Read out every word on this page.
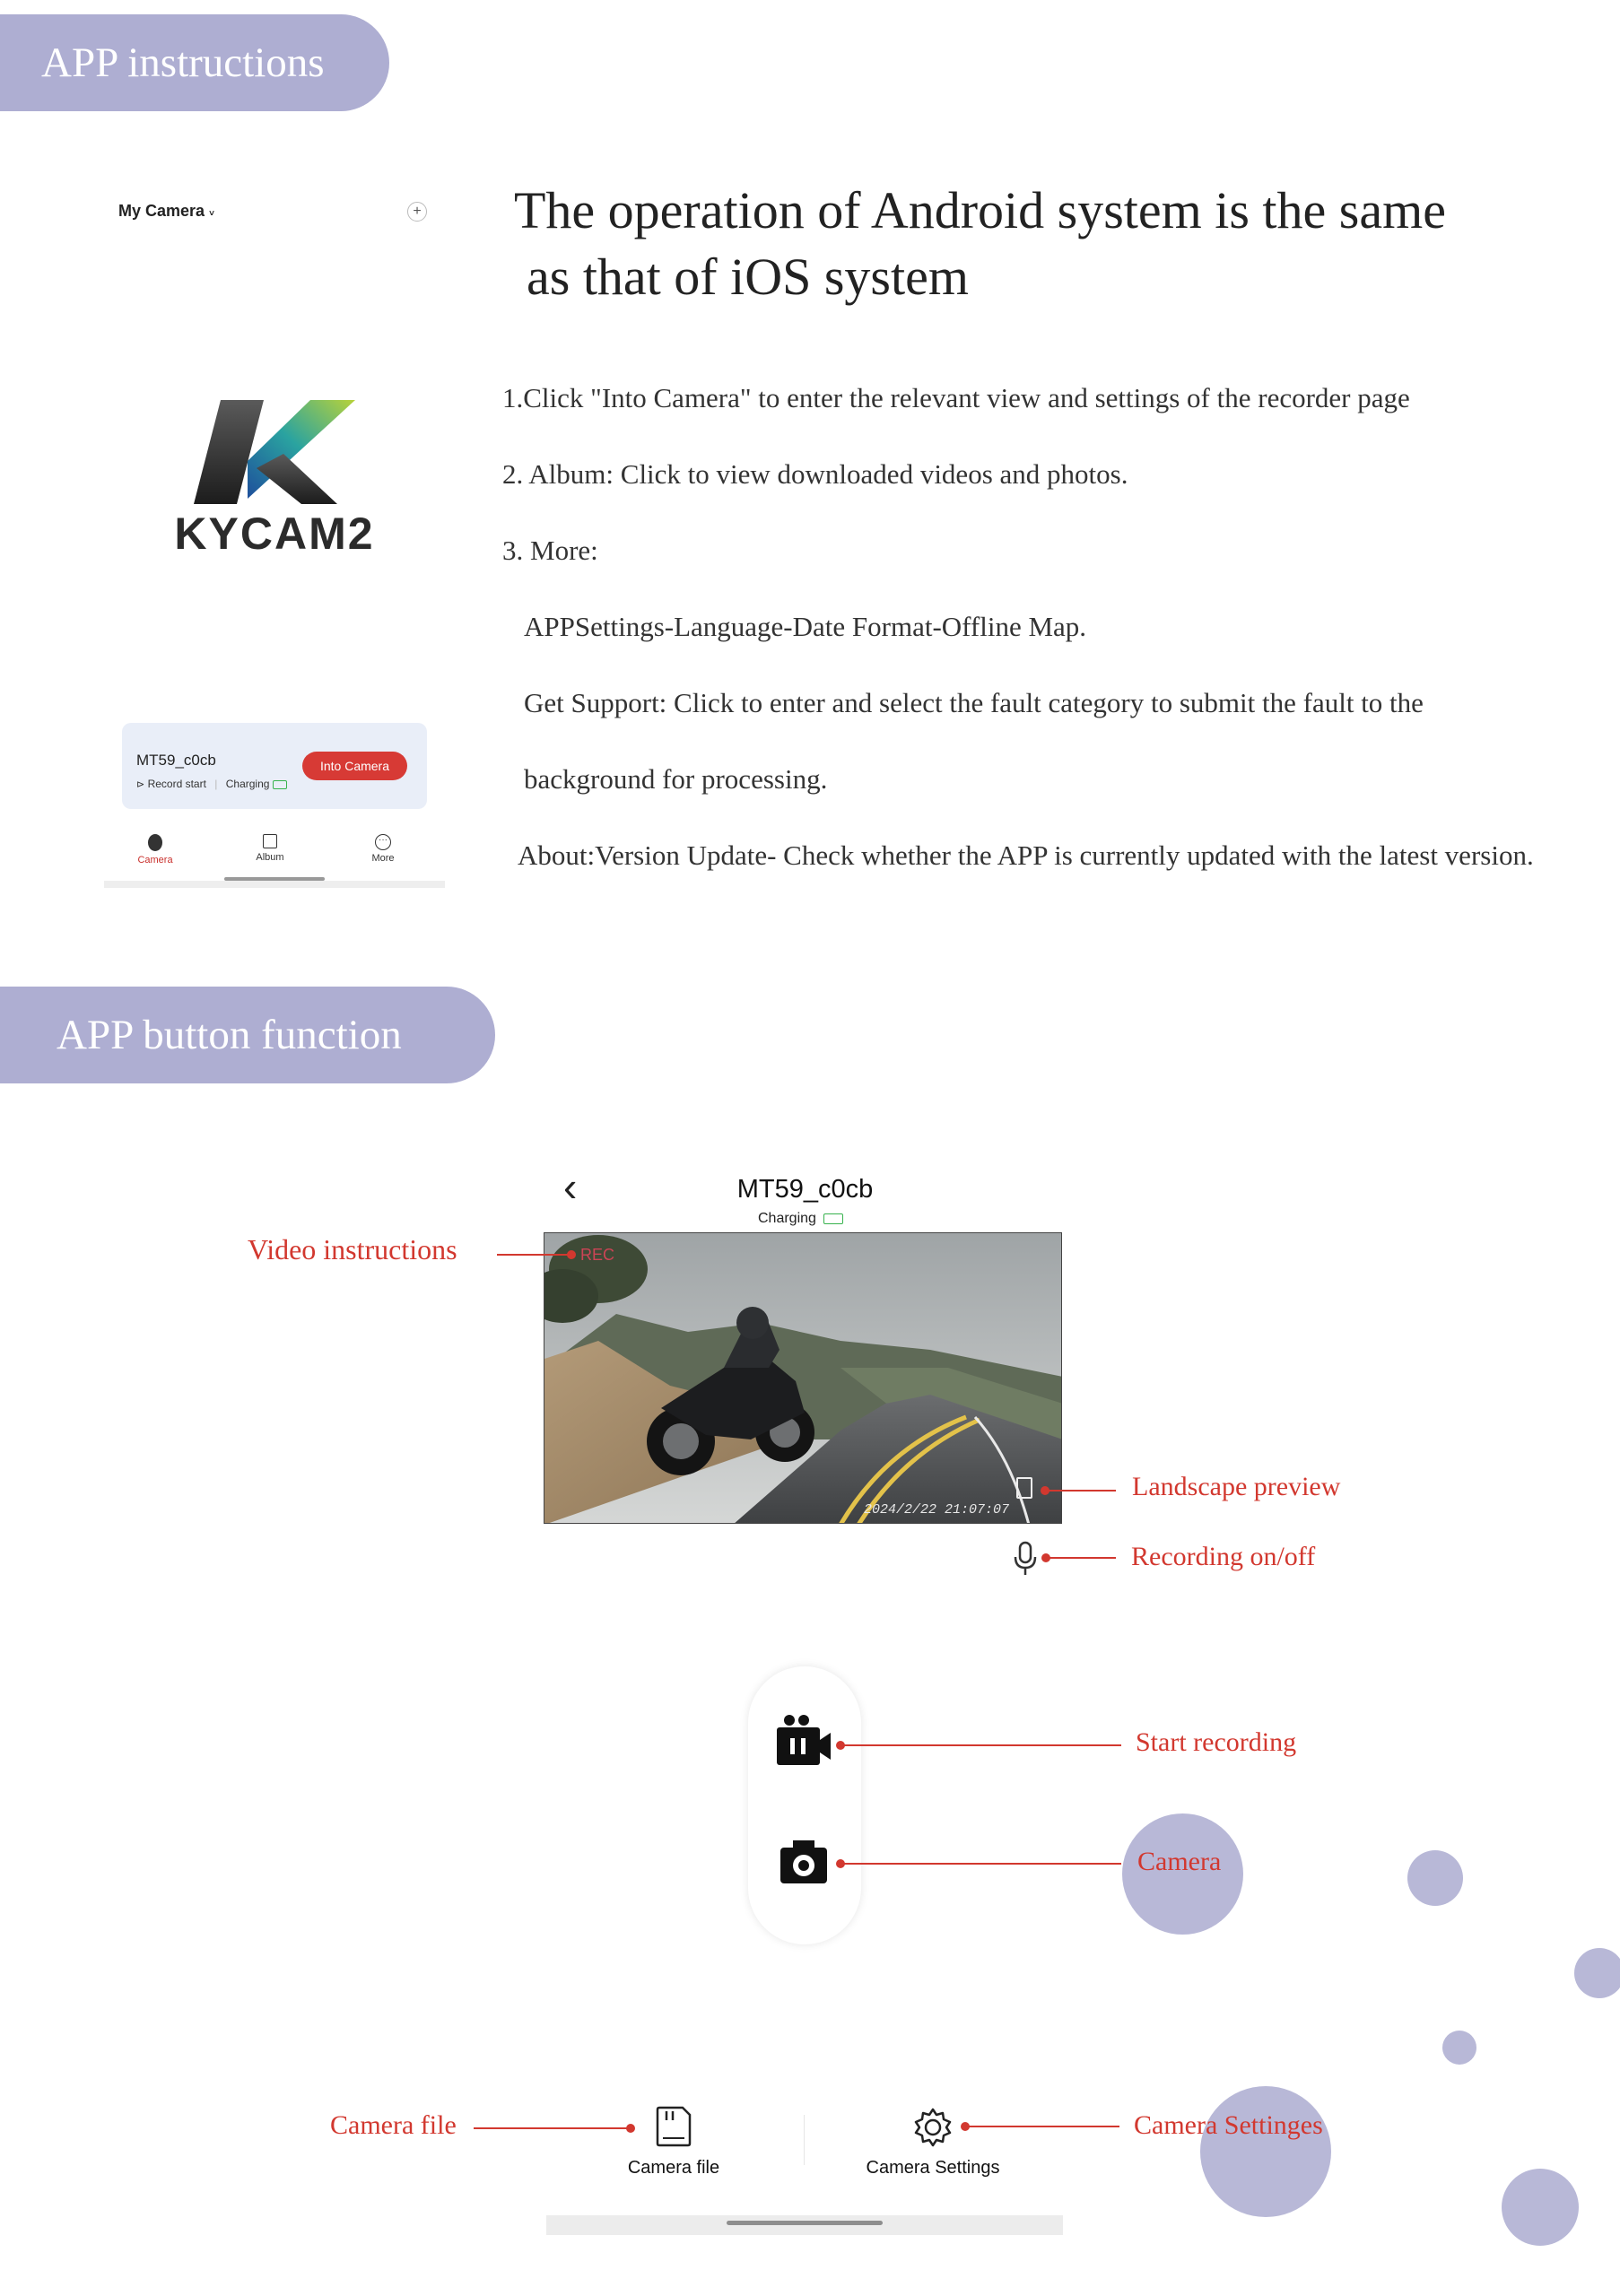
APP instructions
My Camera ˅	+
KYCAM2
MT59_c0cb
⊳ Record start | Charging
Into Camera
Camera	Album
···
More
The operation of Android system is the same
as that of iOS system
1.Click "Into Camera" to enter the relevant view and settings of the recorder page
2. Album: Click to view downloaded videos and photos.
3. More:
APPSettings-Language-Date Format-Offline Map.
Get Support: Click to enter and select the fault category to submit the fault to the
background for processing.
About:Version Update- Check whether the APP is currently updated with the latest version.
APP button function
‹	MT59_c0cb
Charging
REC
2024/2/22 21:07:07
Video instructions
Landscape preview
Recording on/off
Start recording
Camera
Camera file	Camera Settings
Camera file	Camera Settinges
